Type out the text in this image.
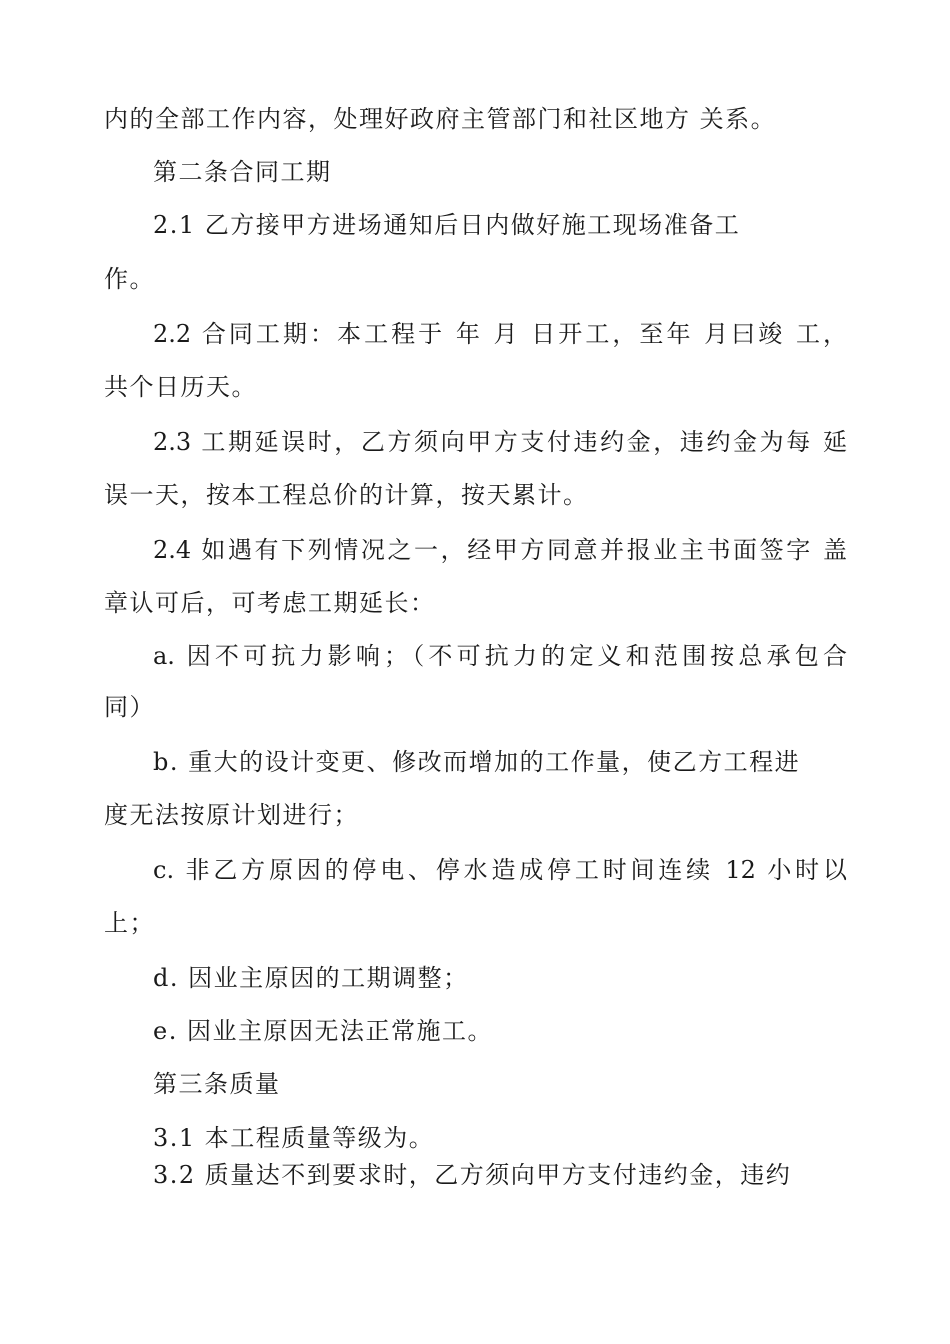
内的全部工作内容，处理好政府主管部门和社区地方 关系。
第二条合同工期
2.1 乙方接甲方进场通知后日内做好施工现场准备工
作。
2.2 合同工期：本工程于 年 月 日开工，至年 月曰竣 工，
共个日历天。
2.3 工期延误时，乙方须向甲方支付违约金，违约金为每 延
误一天，按本工程总价的计算，按天累计。
2.4 如遇有下列情况之一，经甲方同意并报业主书面签字 盖
章认可后，可考虑工期延长：
a. 因不可抗力影响；（不可抗力的定义和范围按总承包合
同）
b. 重大的设计变更、修改而增加的工作量，使乙方工程进
度无法按原计划进行；
c. 非乙方原因的停电、停水造成停工时间连续 12 小时以
上；
d. 因业主原因的工期调整；
e. 因业主原因无法正常施工。
第三条质量
3.1 本工程质量等级为。
3.2 质量达不到要求时，乙方须向甲方支付违约金，违约
